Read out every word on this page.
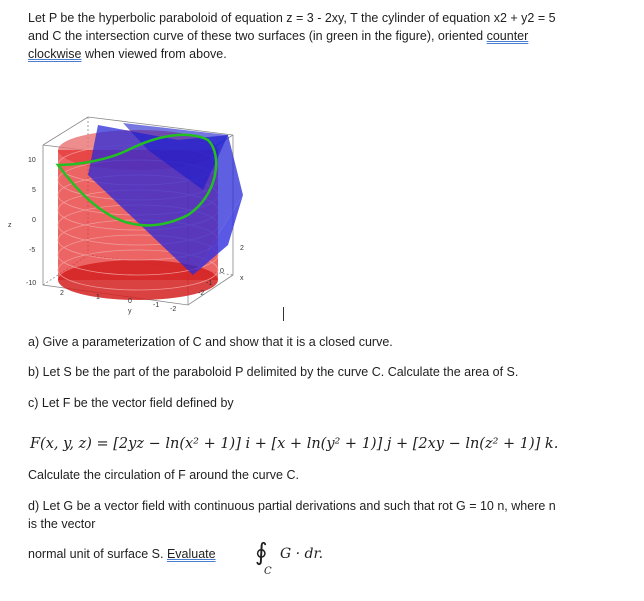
Let P be the hyperbolic paraboloid of equation z = 3 - 2xy, T the cylinder of equation x2 + y2 = 5

and C the intersection curve of these two surfaces (in green in the figure), oriented counter

clockwise when viewed from above.

10
5
0
-5
-10
z
2
1
0
-1
-2
y
2
0
-1
-2
x

a) Give a parameterization of C and show that it is a closed curve.

b) Let S be the part of the paraboloid P delimited by the curve C. Calculate the area of S.

c) Let F be the vector field defined by

F(x, y, z) = [2yz − ln(x² + 1)] i + [x + ln(y² + 1)] j + [2xy − ln(z² + 1)] k.

Calculate the circulation of F around the curve C.

d) Let G be a vector field with continuous partial derivations and such that rot G = 10 n, where n

is the vector

normal unit of surface S. Evaluate ∮
C
G · dr.
